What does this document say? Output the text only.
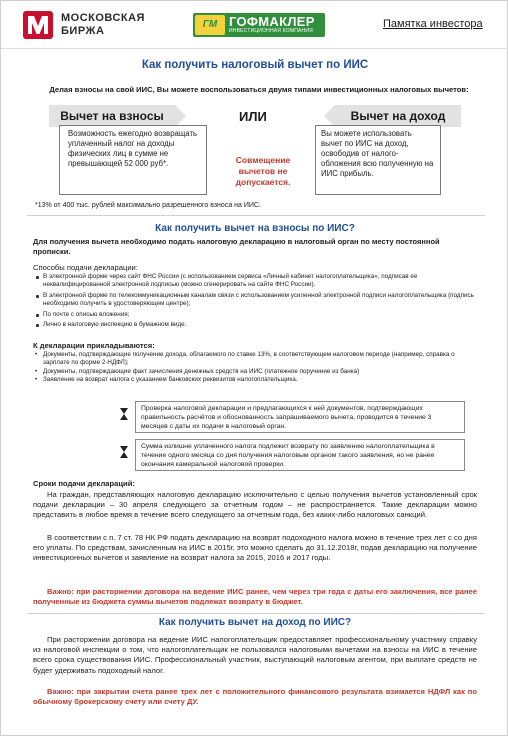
МОСКОВСКАЯ
БИРЖА
ГМ ГОФМАКЛЕР
ИНВЕСТИЦИОННАЯ КОМПАНИЯ
Памятка инвестора
Как получить налоговый вычет по ИИС
Делая взносы на свой ИИС, Вы можете воспользоваться двумя типами инвестиционных налоговых вычетов:
Вычет на взносы
Возможность ежегодно возвращать уплаченный налог на доходы физических лиц в сумме не превышающей 52 000 руб*.
ИЛИ
Совмещение вычетов не допускается.
Вычет на доход
Вы можете использовать вычет по ИИС на доход, освободив от налого-обложения всю полученную на ИИС прибыль.
*13% от 400 тыс. рублей максимально разрешенного взноса на ИИС.
Как получить вычет на взносы по ИИС?
Для получения вычета необходимо подать налоговую декларацию в налоговый орган по месту постоянной прописки.
Способы подачи декларации:
В электронной форме через сайт ФНС России (с использованием сервиса «Личный кабинет налогоплательщика», подписав ее неквалифицированной электронной подписью (можно сгенерировать на сайте ФНС России).
В электронной форме по телекоммуникационным каналам связи с использованием усиленной электронной подписи налогоплательщика (подпись необходимо получить в удостоверяющем центре);
По почте с описью вложения;
Лично в налоговую инспекцию в бумажном виде.
К декларации прикладываются:
• Документы, подтверждающие получение дохода, облагаемого по ставке 13%, в соответствующем налоговом периоде (например, справка о зарплате по форме 2-НДФЛ);
• Документы, подтверждающие факт зачисления денежных средств на ИИС (платежное поручение из банка)
• Заявление на возврат налога с указанием банковских реквизитов налогоплательщика.
Проверка налоговой декларации и предлагающихся к ней документов, подтверждающих правильность расчётов и обоснованность запрашиваемого вычета, проводится в течение 3 месяцев с даты их подачи в налоговый орган.
Сумма излишне уплаченного налога подлежит возврату по заявлению налогоплательщика в течение одного месяца со дня получения налоговым органом такого заявления, но не ранее окончания камеральной налоговой проверки.
Сроки подачи деклараций:
На граждан, представляющих налоговую декларацию исключительно с целью получения вычетов установленный срок подачи декларации – 30 апреля следующего за отчетным годом – не распространяется. Такие декларации можно представить в любое время в течение всего следующего за отчетным года, без каких-либо налоговых санкций.
В соответствии с п. 7 ст. 78 НК РФ подать декларацию на возврат подоходного налога можно в течение трех лет с со дня его уплаты. По средствам, зачисленным на ИИС в 2015г, это можно сделать до 31.12.2018г, подав декларацию на получение инвестиционных вычетов и заявление на возврат налога за 2015, 2016 и 2017 годы.
Важно: при расторжении договора на ведение ИИС ранее, чем через три года с даты его заключения, все ранее полученные из бюджета суммы вычетов подлежат возврату в бюджет.
Как получить вычет на доход по ИИС?
При расторжении договора на ведение ИИС налогоплательщик предоставляет профессиональному участнику справку из налоговой инспекции о том, что налогоплательщик не пользовался налоговыми вычетами на взносы на ИИС в течение всего срока существования ИИС. Профессиональный участник, выступающий налоговым агентом, при выплате средств не будет удерживать подоходный налог.
Важно: при закрытии счета ранее трех лет с положительного финансового результата взимается НДФЛ как по обычному брокерскому счету или счету ДУ.
